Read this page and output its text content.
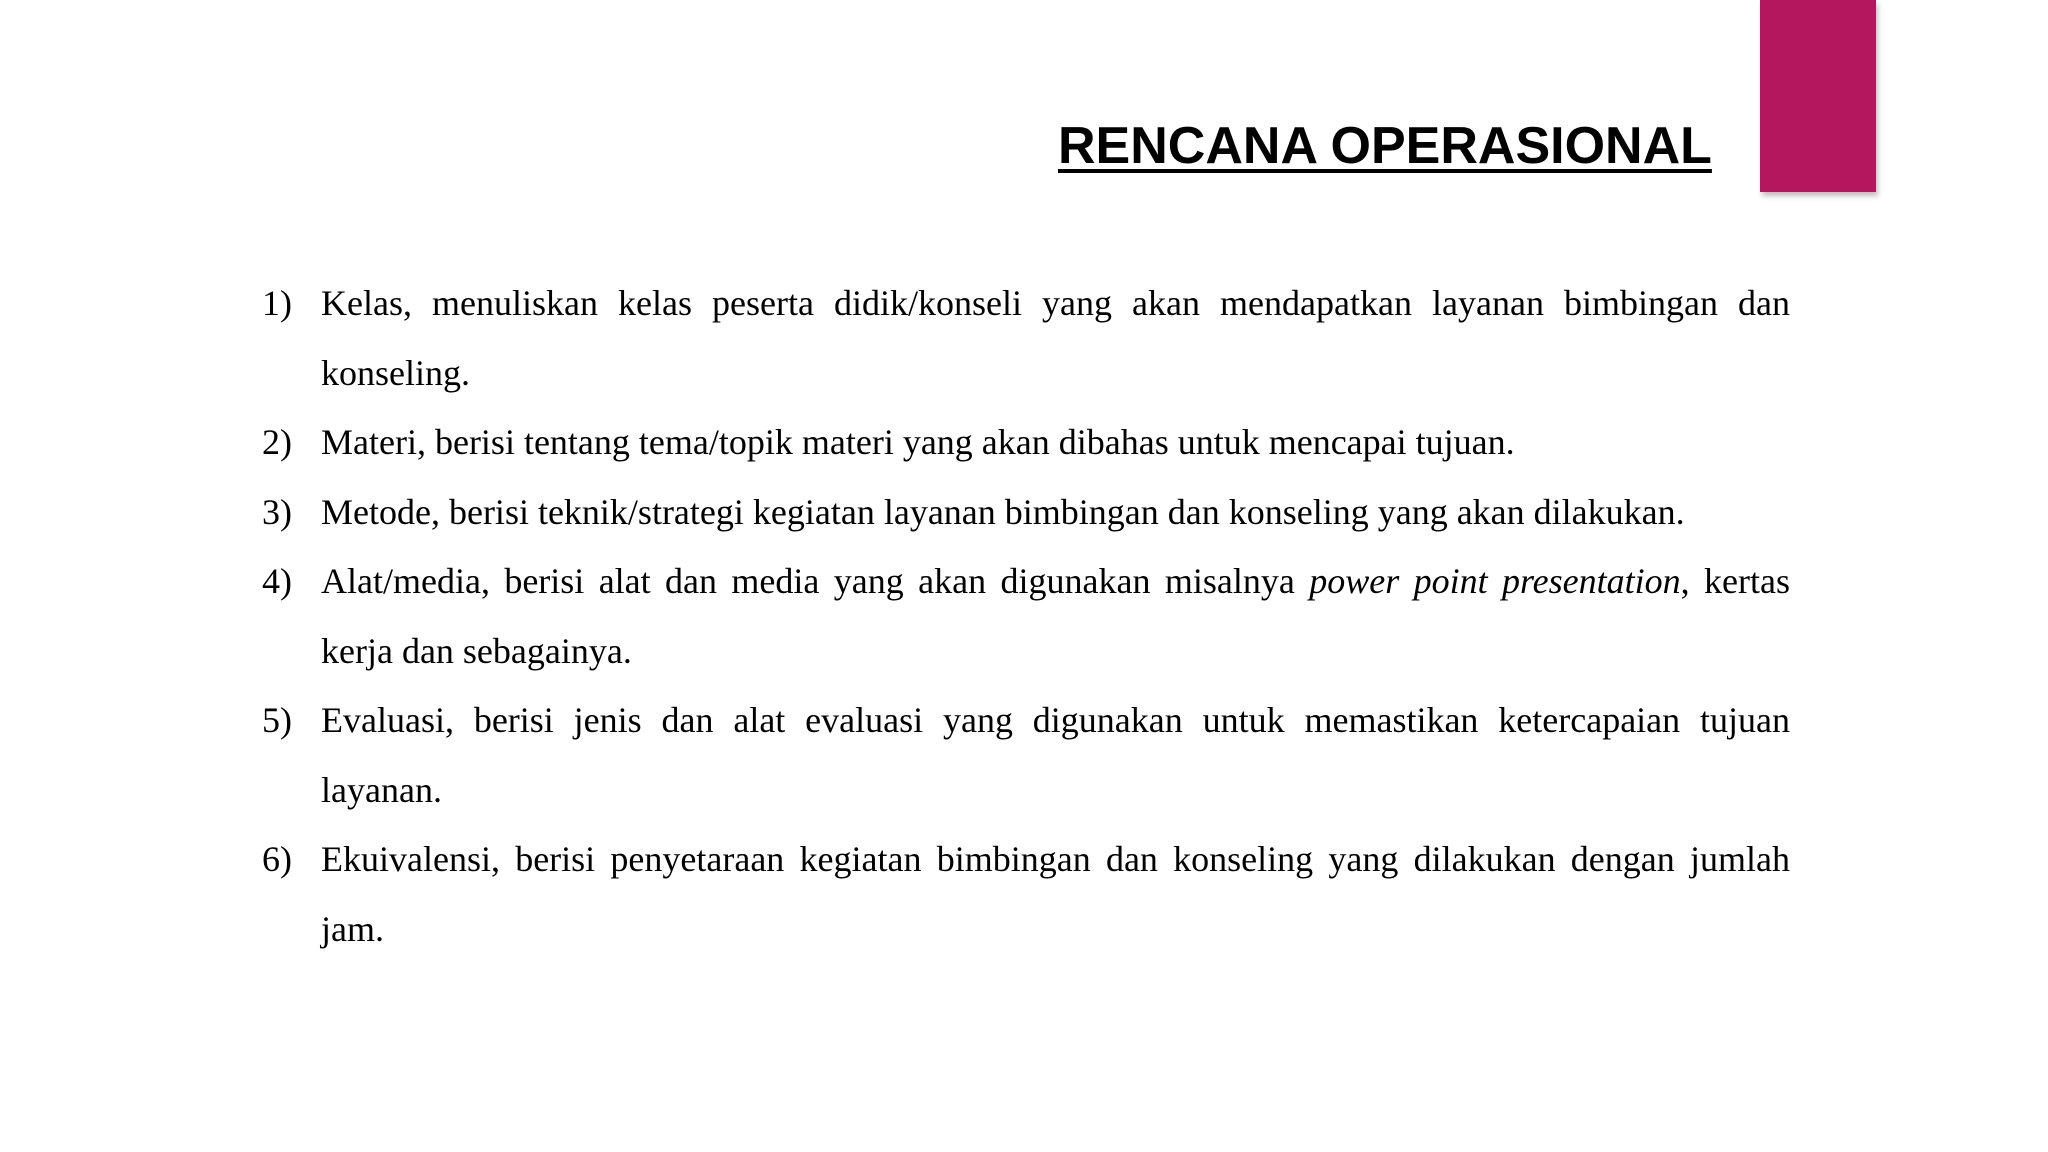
RENCANA OPERASIONAL
1) Kelas, menuliskan kelas peserta didik/konseli yang akan mendapatkan layanan bimbingan dan konseling.
2) Materi, berisi tentang tema/topik materi yang akan dibahas untuk mencapai tujuan.
3) Metode, berisi teknik/strategi kegiatan layanan bimbingan dan konseling yang akan dilakukan.
4) Alat/media, berisi alat dan media yang akan digunakan misalnya power point presentation, kertas kerja dan sebagainya.
5) Evaluasi, berisi jenis dan alat evaluasi yang digunakan untuk memastikan ketercapaian tujuan layanan.
6) Ekuivalensi, berisi penyetaraan kegiatan bimbingan dan konseling yang dilakukan dengan jumlah jam.
